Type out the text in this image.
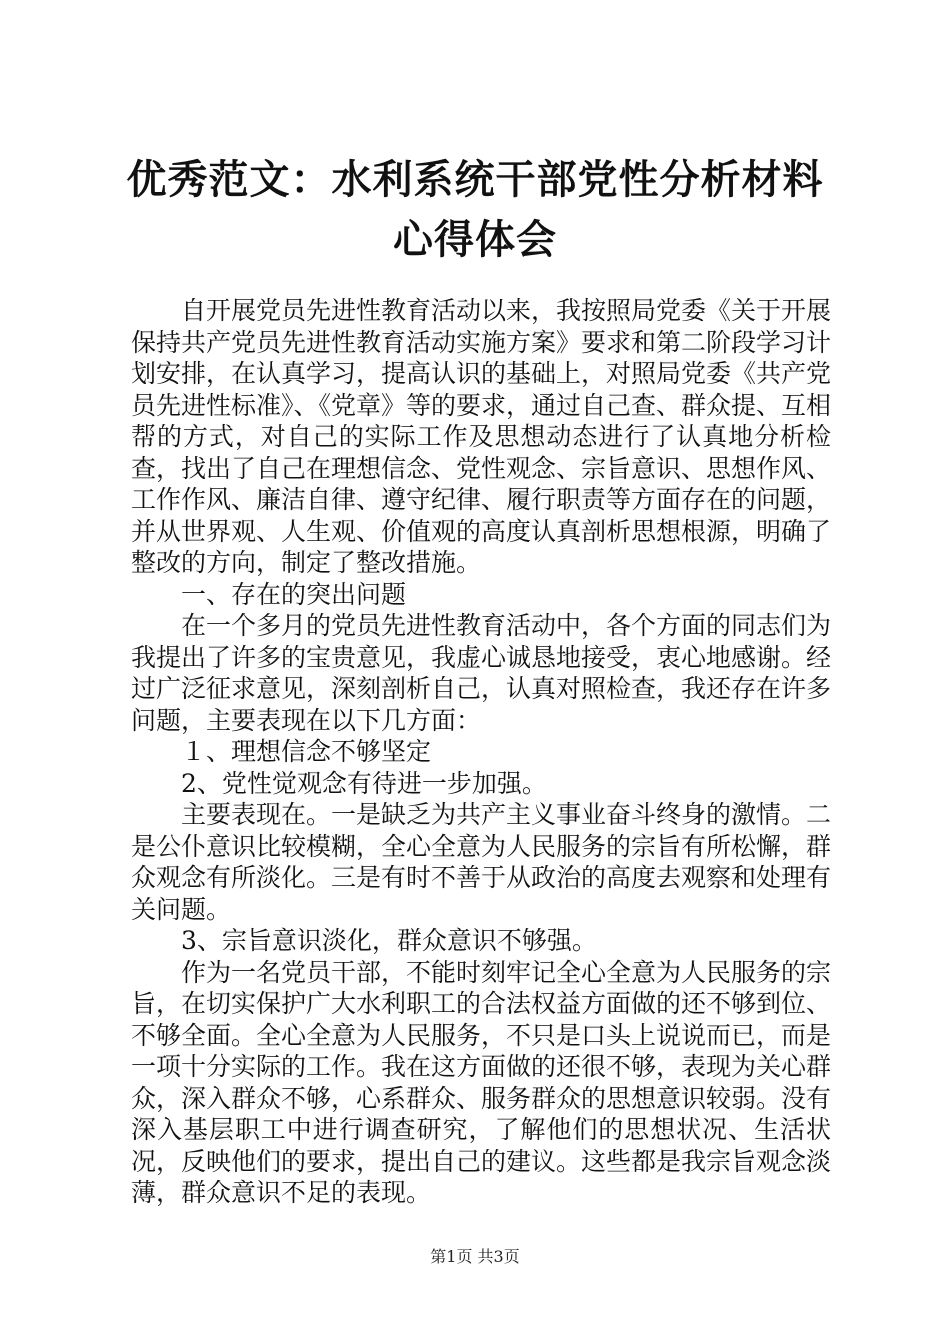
优秀范文：水利系统干部党性分析材料心得体会

自开展党员先进性教育活动以来，我按照局党委《关于开展保持共产党员先进性教育活动实施方案》要求和第二阶段学习计划安排，在认真学习，提高认识的基础上，对照局党委《共产党员先进性标准》、《党章》等的要求，通过自己查、群众提、互相帮的方式，对自己的实际工作及思想动态进行了认真地分析检查，找出了自己在理想信念、党性观念、宗旨意识、思想作风、工作作风、廉洁自律、遵守纪律、履行职责等方面存在的问题，并从世界观、人生观、价值观的高度认真剖析思想根源，明确了整改的方向，制定了整改措施。

一、存在的突出问题

在一个多月的党员先进性教育活动中，各个方面的同志们为我提出了许多的宝贵意见，我虚心诚恳地接受，衷心地感谢。经过广泛征求意见，深刻剖析自己，认真对照检查，我还存在许多问题，主要表现在以下几方面：

１、理想信念不够坚定

2、党性觉观念有待进一步加强。

主要表现在。一是缺乏为共产主义事业奋斗终身的激情。二是公仆意识比较模糊，全心全意为人民服务的宗旨有所松懈，群众观念有所淡化。三是有时不善于从政治的高度去观察和处理有关问题。

3、宗旨意识淡化，群众意识不够强。

作为一名党员干部，不能时刻牢记全心全意为人民服务的宗旨，在切实保护广大水利职工的合法权益方面做的还不够到位、不够全面。全心全意为人民服务，不只是口头上说说而已，而是一项十分实际的工作。我在这方面做的还很不够，表现为关心群众，深入群众不够，心系群众、服务群众的思想意识较弱。没有深入基层职工中进行调查研究，了解他们的思想状况、生活状况，反映他们的要求，提出自己的建议。这些都是我宗旨观念淡薄，群众意识不足的表现。

第1页 共3页
